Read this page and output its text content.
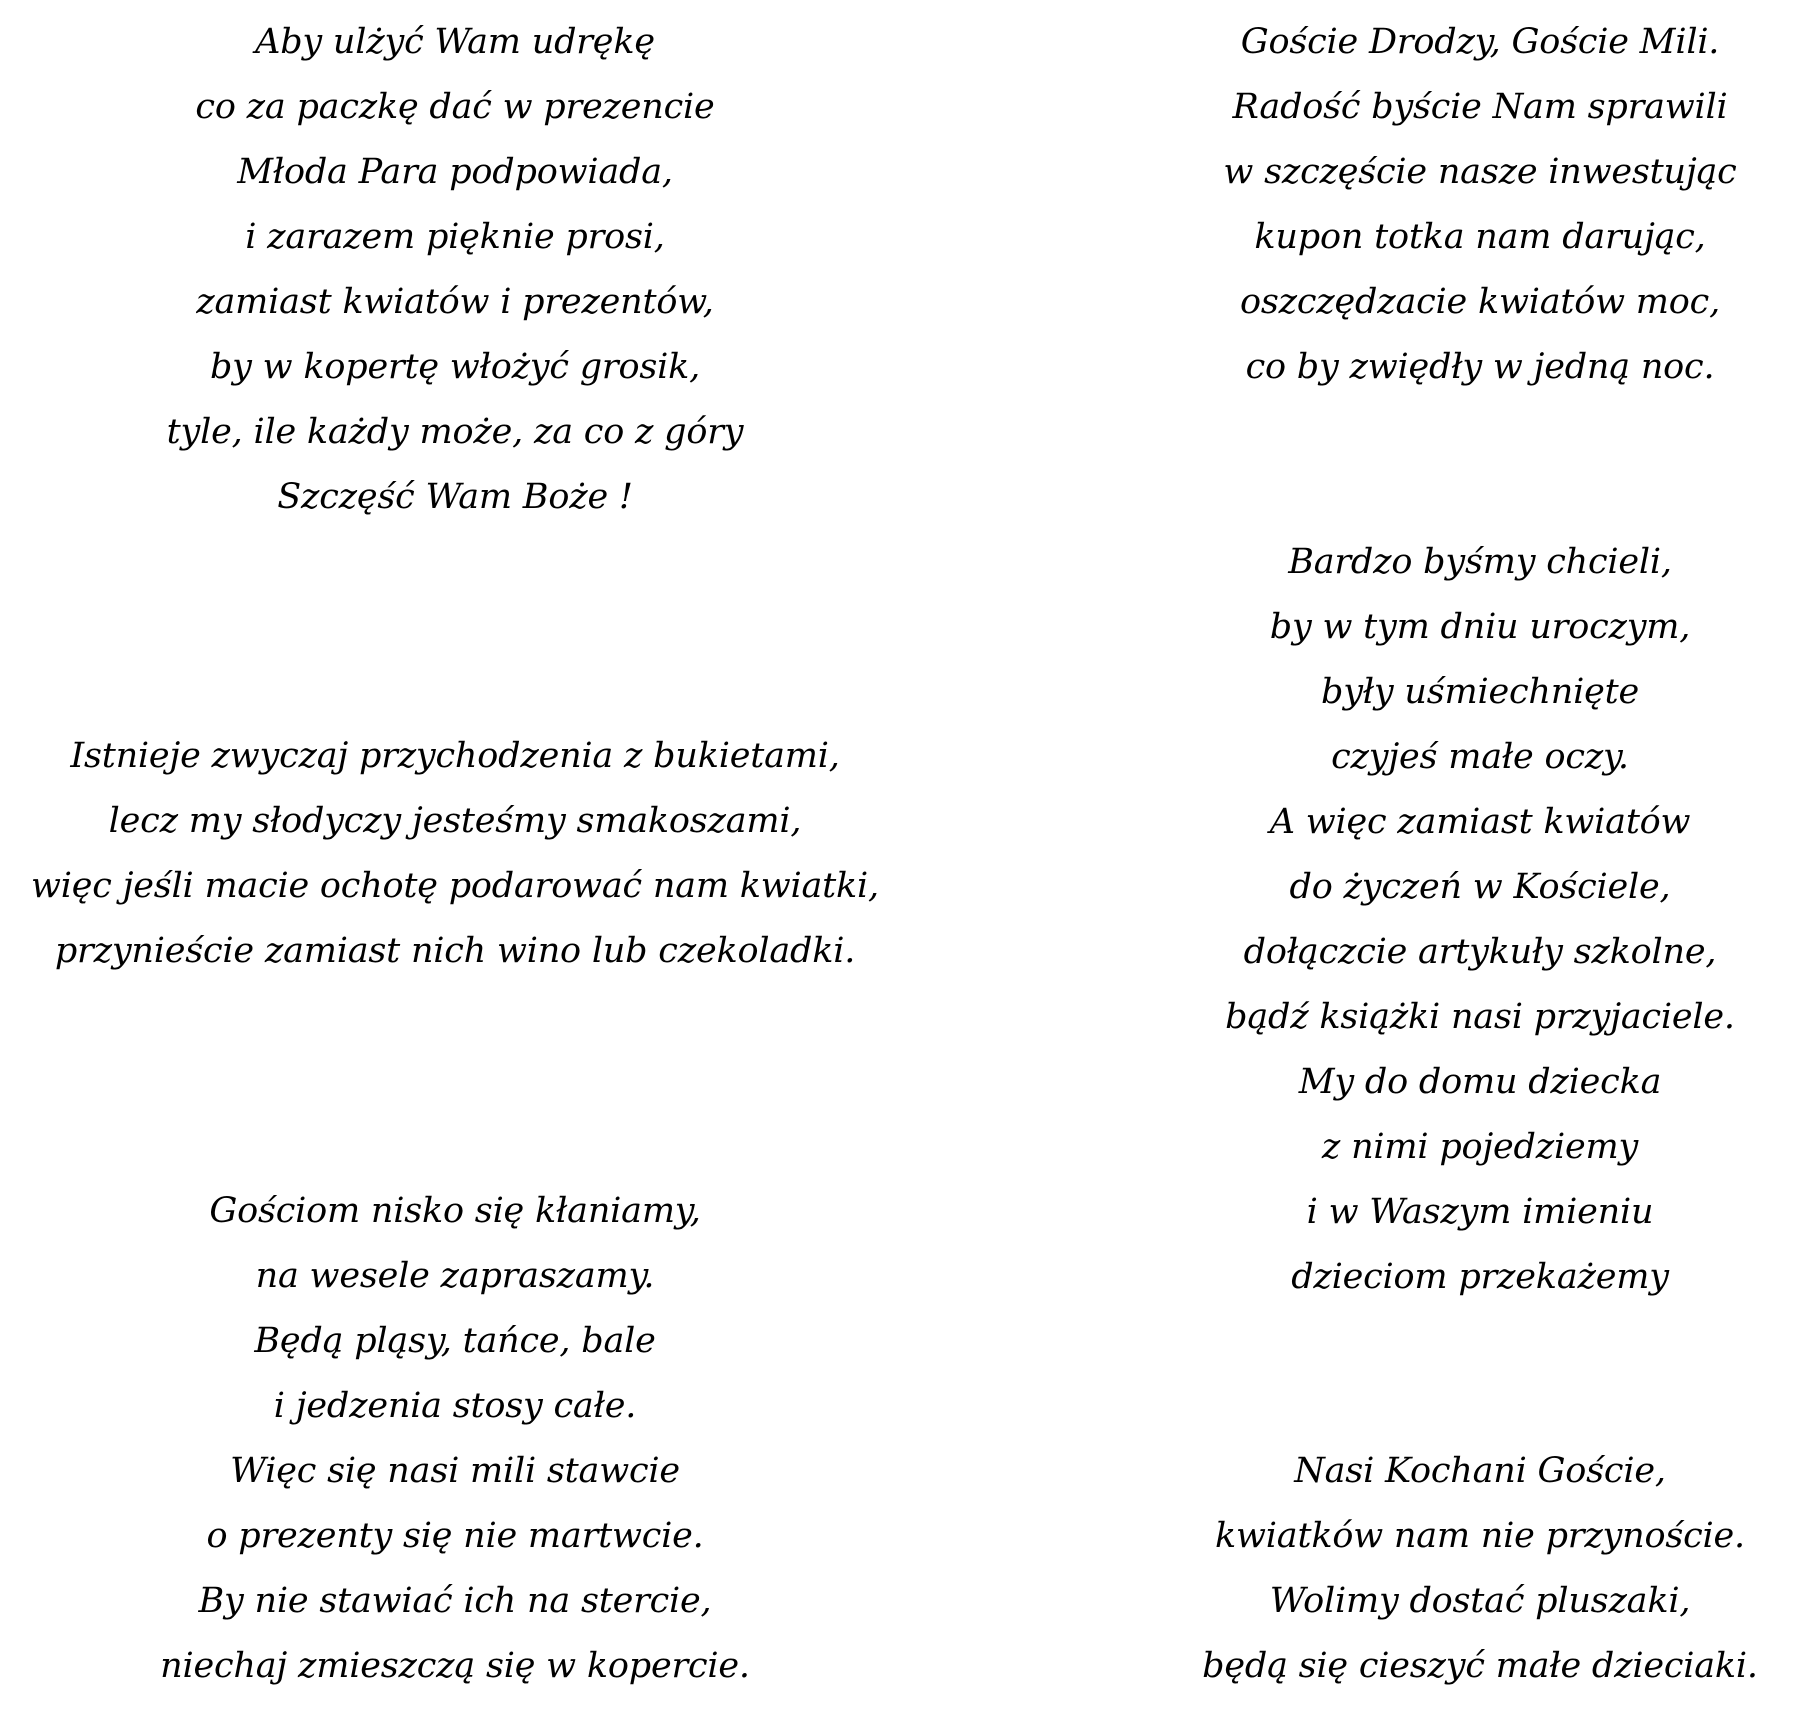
Aby ulżyć Wam udrękę
co za paczkę dać w prezencie
Młoda Para podpowiada,
i zarazem pięknie prosi,
zamiast kwiatów i prezentów,
by w kopertę włożyć grosik,
tyle, ile każdy może, za co z góry
Szczęść Wam Boże !
Istnieje zwyczaj przychodzenia z bukietami,
lecz my słodyczy jesteśmy smakoszami,
więc jeśli macie ochotę podarować nam kwiatki,
przynieście zamiast nich wino lub czekoladki.
Gościom nisko się kłaniamy,
na wesele zapraszamy.
Będą pląsy, tańce, bale
i jedzenia stosy całe.
Więc się nasi mili stawcie
o prezenty się nie martwcie.
By nie stawiać ich na stercie,
niechaj zmieszczą się w kopercie.
Goście Drodzy, Goście Mili.
Radość byście Nam sprawili
w szczęście nasze inwestując
kupon totka nam darując,
oszczędzacie kwiatów moc,
co by zwiędły w jedną noc.
Bardzo byśmy chcieli,
by w tym dniu uroczym,
były uśmiechnięte
czyjeś małe oczy.
A więc zamiast kwiatów
do życzeń w Kościele,
dołączcie artykuły szkolne,
bądź książki nasi przyjaciele.
My do domu dziecka
z nimi pojedziemy
i w Waszym imieniu
dzieciom przekażemy
Nasi Kochani Goście,
kwiatków nam nie przynoście.
Wolimy dostać pluszaki,
będą się cieszyć małe dzieciaki.
